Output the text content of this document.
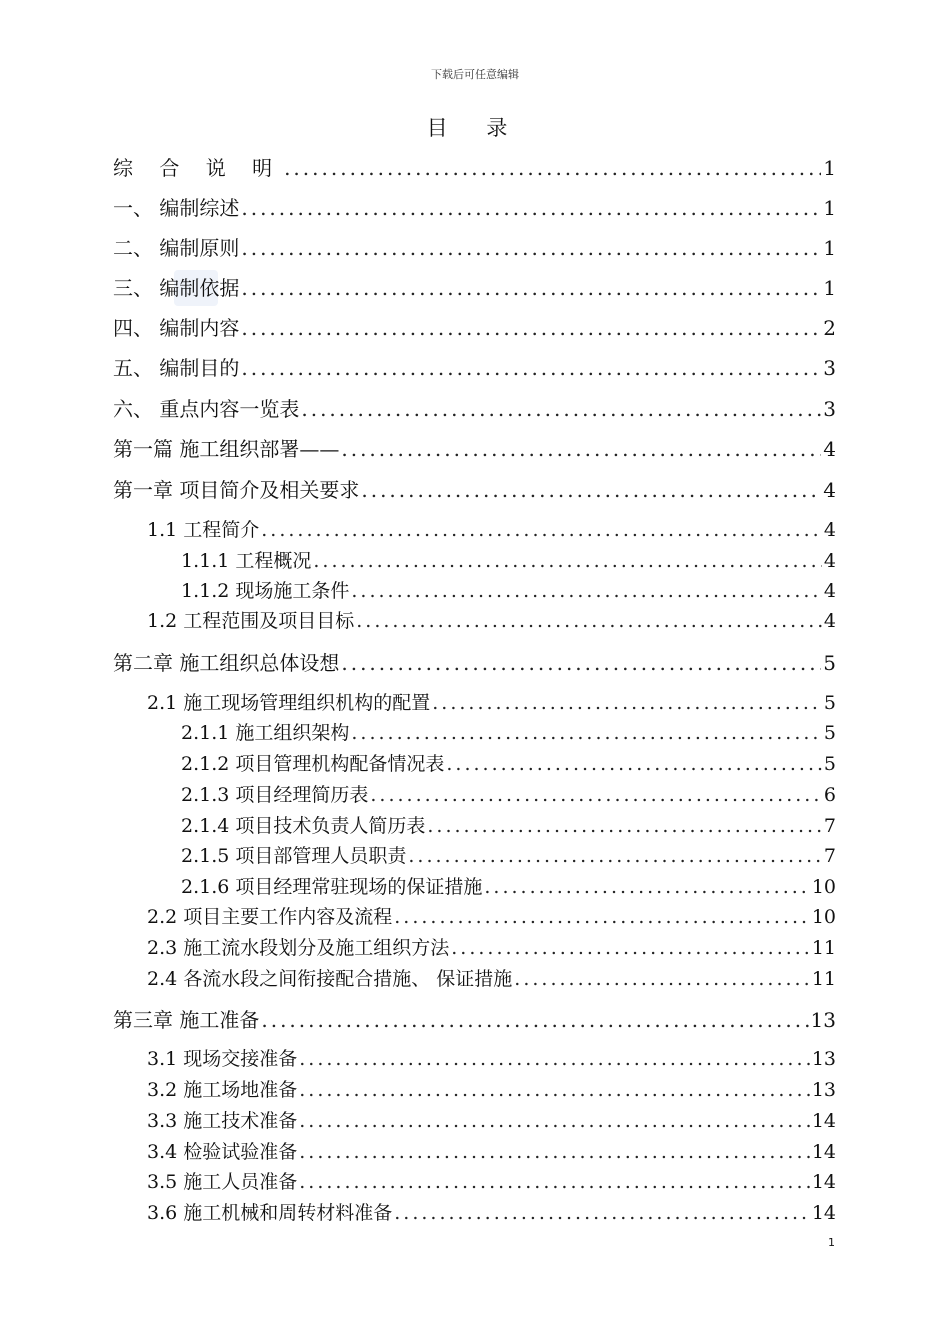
下载后可任意编辑
目 录
综 合 说 明 .....	1
一、 编制综述 .....	1
二、 编制原则 .....	1
三、 编制依据 .....	1
四、 编制内容 .....	2
五、 编制目的 .....	3
六、 重点内容一览表 .....	3
第一篇 施工组织部署—— .....	4
第一章 项目简介及相关要求 .....	4
1.1 工程简介 .....	4
1.1.1 工程概况 .....	4
1.1.2 现场施工条件 .....	4
1.2 工程范围及项目目标 .....	4
第二章 施工组织总体设想 .....	5
2.1 施工现场管理组织机构的配置 .....	5
2.1.1 施工组织架构 .....	5
2.1.2 项目管理机构配备情况表 .....	5
2.1.3 项目经理简历表 .....	6
2.1.4 项目技术负责人简历表 .....	7
2.1.5 项目部管理人员职责 .....	7
2.1.6 项目经理常驻现场的保证措施 .....	10
2.2 项目主要工作内容及流程 .....	10
2.3 施工流水段划分及施工组织方法 .....	11
2.4 各流水段之间衔接配合措施、 保证措施 .....	11
第三章 施工准备 .....	13
3.1 现场交接准备 .....	13
3.2 施工场地准备 .....	13
3.3 施工技术准备 .....	14
3.4 检验试验准备 .....	14
3.5 施工人员准备 .....	14
3.6 施工机械和周转材料准备 .....	14
1
